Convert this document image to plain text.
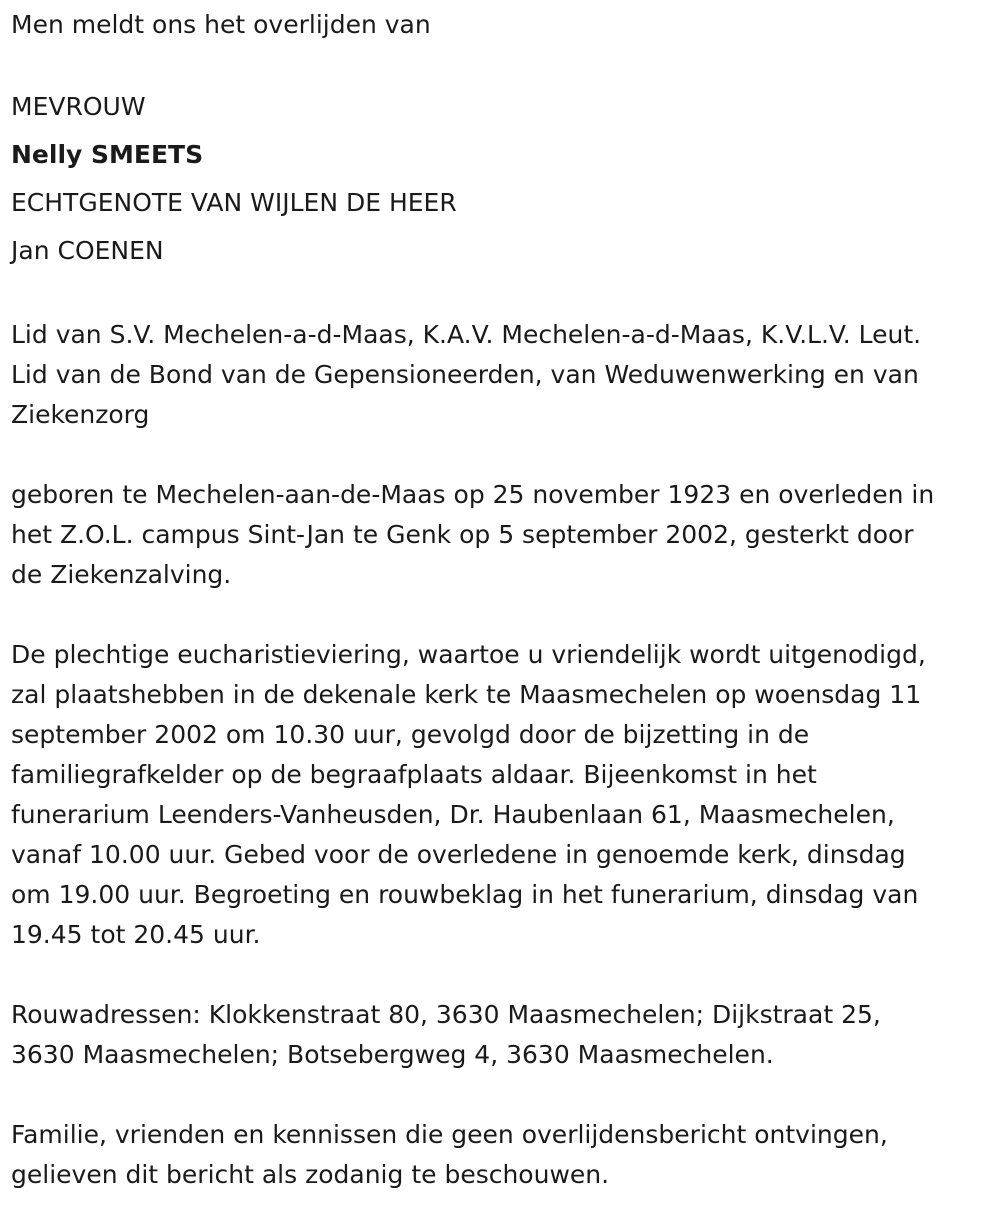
Men meldt ons het overlijden van

MEVROUW

Nelly SMEETS

ECHTGENOTE VAN WIJLEN DE HEER

Jan COENEN

Lid van S.V. Mechelen-a-d-Maas, K.A.V. Mechelen-a-d-Maas, K.V.L.V. Leut.

Lid van de Bond van de Gepensioneerden, van Weduwenwerking en van

Ziekenzorg

geboren te Mechelen-aan-de-Maas op 25 november 1923 en overleden in

het Z.O.L. campus Sint-Jan te Genk op 5 september 2002, gesterkt door

de Ziekenzalving.

De plechtige eucharistieviering, waartoe u vriendelijk wordt uitgenodigd,

zal plaatshebben in de dekenale kerk te Maasmechelen op woensdag 11

september 2002 om 10.30 uur, gevolgd door de bijzetting in de

familiegrafkelder op de begraafplaats aldaar. Bijeenkomst in het

funerarium Leenders-Vanheusden, Dr. Haubenlaan 61, Maasmechelen,

vanaf 10.00 uur. Gebed voor de overledene in genoemde kerk, dinsdag

om 19.00 uur. Begroeting en rouwbeklag in het funerarium, dinsdag van

19.45 tot 20.45 uur.

Rouwadressen: Klokkenstraat 80, 3630 Maasmechelen; Dijkstraat 25,

3630 Maasmechelen; Botsebergweg 4, 3630 Maasmechelen.

Familie, vrienden en kennissen die geen overlijdensbericht ontvingen,

gelieven dit bericht als zodanig te beschouwen.
